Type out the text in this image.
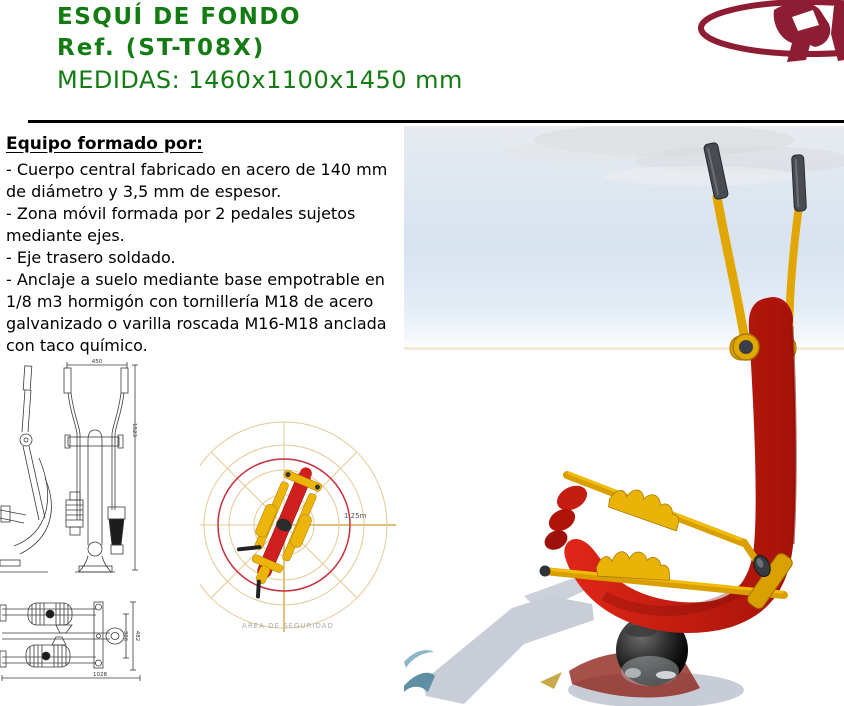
ESQUÍ DE FONDO
Ref. (ST-T08X)
MEDIDAS: 1460x1100x1450 mm
Equipo formado por:

- Cuerpo central fabricado en acero de 140 mm de diámetro y 3,5 mm de espesor.

- Zona móvil formada por 2 pedales sujetos mediante ejes.

- Eje trasero soldado.

- Anclaje a suelo mediante base empotrable en 1/8 m3 hormigón con tornillería M18 de acero galvanizado o varilla roscada M16-M18 anclada con taco químico.

450
1523
1,25m
AREA DE SEGURIDAD
1028
482
326
